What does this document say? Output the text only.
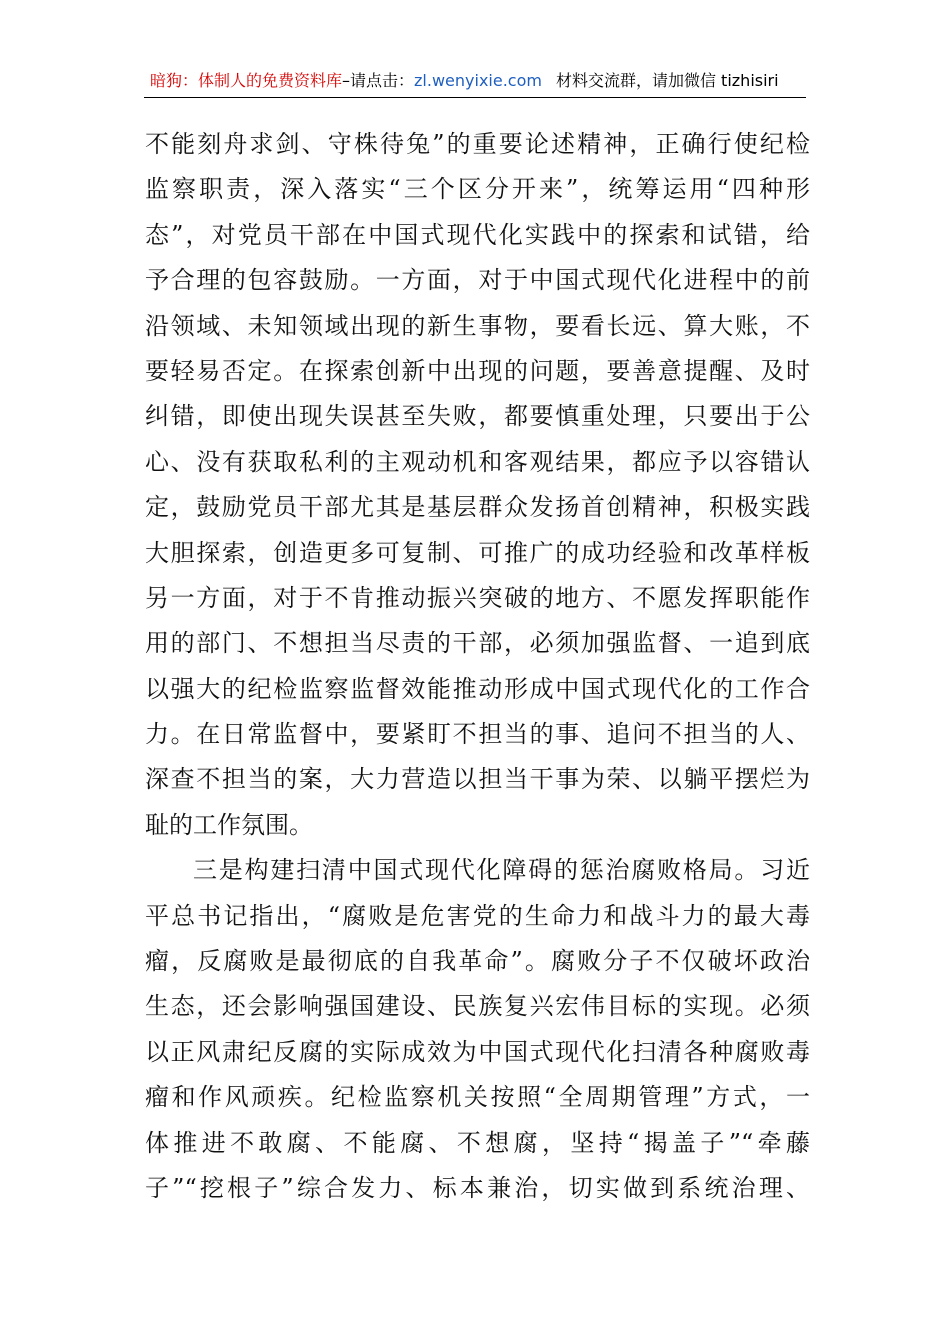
暗狗：体制人的免费资料库–请点击：zl.wenyixie.com 材料交流群，请加微信 tizhisiri
不能刻舟求剑、守株待兔”的重要论述精神，正确行使纪检
监察职责，深入落实“三个区分开来”，统筹运用“四种形
态”，对党员干部在中国式现代化实践中的探索和试错，给
予合理的包容鼓励。一方面，对于中国式现代化进程中的前
沿领域、未知领域出现的新生事物，要看长远、算大账，不
要轻易否定。在探索创新中出现的问题，要善意提醒、及时
纠错，即使出现失误甚至失败，都要慎重处理，只要出于公
心、没有获取私利的主观动机和客观结果，都应予以容错认
定，鼓励党员干部尤其是基层群众发扬首创精神，积极实践
大胆探索，创造更多可复制、可推广的成功经验和改革样板
另一方面，对于不肯推动振兴突破的地方、不愿发挥职能作
用的部门、不想担当尽责的干部，必须加强监督、一追到底
以强大的纪检监察监督效能推动形成中国式现代化的工作合
力。在日常监督中，要紧盯不担当的事、追问不担当的人、
深查不担当的案，大力营造以担当干事为荣、以躺平摆烂为
耻的工作氛围。
三是构建扫清中国式现代化障碍的惩治腐败格局。习近
平总书记指出，“腐败是危害党的生命力和战斗力的最大毒
瘤，反腐败是最彻底的自我革命”。腐败分子不仅破坏政治
生态，还会影响强国建设、民族复兴宏伟目标的实现。必须
以正风肃纪反腐的实际成效为中国式现代化扫清各种腐败毒
瘤和作风顽疾。纪检监察机关按照“全周期管理”方式，一
体推进不敢腐、不能腐、不想腐，坚持“揭盖子”“牵藤
子”“挖根子”综合发力、标本兼治，切实做到系统治理、
